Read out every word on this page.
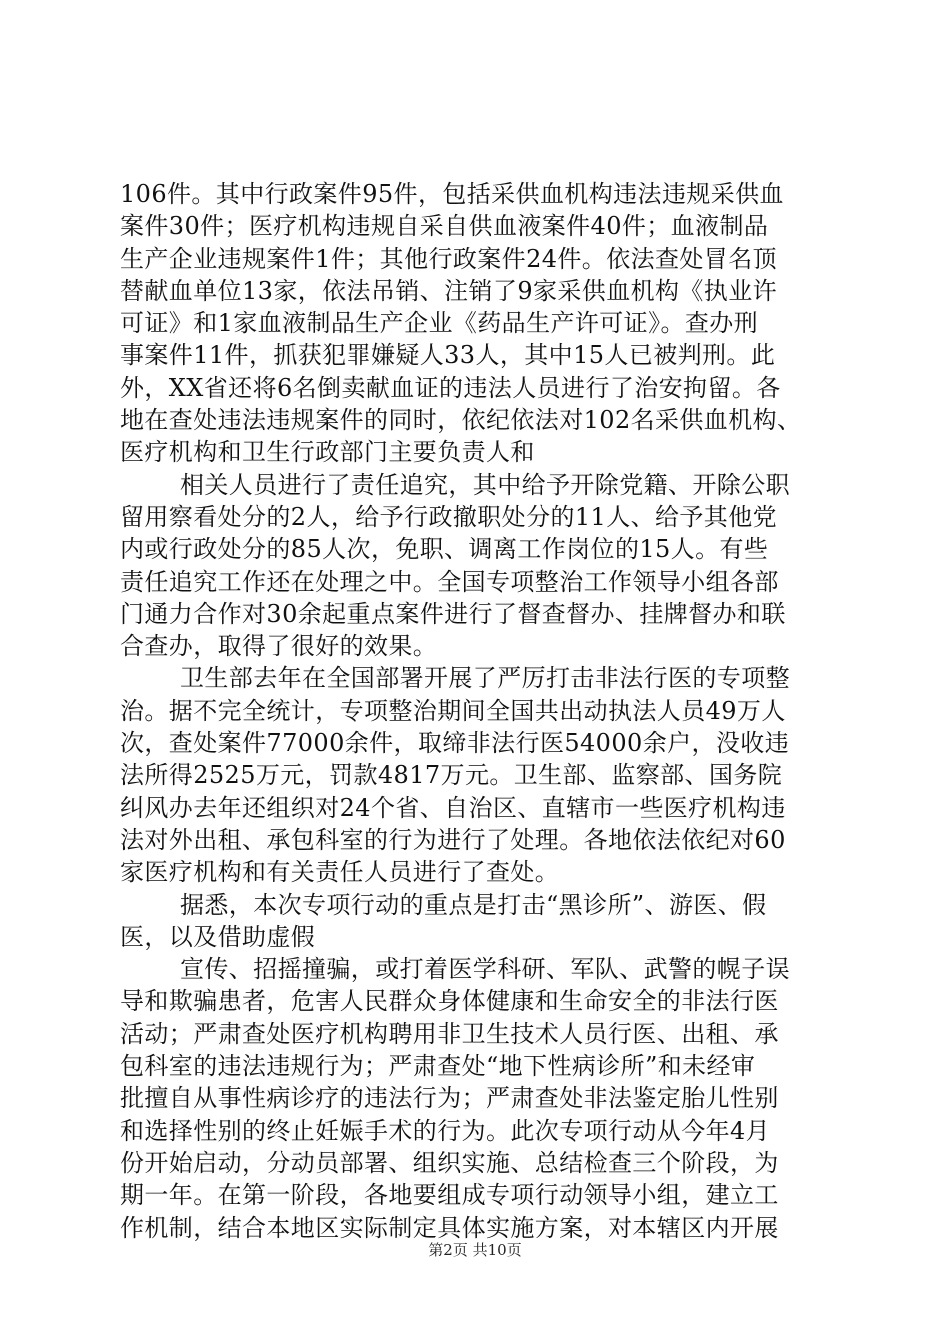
106件。其中行政案件95件，包括采供血机构违法违规采供血
案件30件；医疗机构违规自采自供血液案件40件；血液制品
生产企业违规案件1件；其他行政案件24件。依法查处冒名顶
替献血单位13家，依法吊销、注销了9家采供血机构《执业许
可证》和1家血液制品生产企业《药品生产许可证》。查办刑
事案件11件，抓获犯罪嫌疑人33人，其中15人已被判刑。此
外，XX省还将6名倒卖献血证的违法人员进行了治安拘留。各
地在查处违法违规案件的同时，依纪依法对102名采供血机构、
医疗机构和卫生行政部门主要负责人和
相关人员进行了责任追究，其中给予开除党籍、开除公职
留用察看处分的2人，给予行政撤职处分的11人、给予其他党
内或行政处分的85人次，免职、调离工作岗位的15人。有些
责任追究工作还在处理之中。全国专项整治工作领导小组各部
门通力合作对30余起重点案件进行了督查督办、挂牌督办和联
合查办，取得了很好的效果。
卫生部去年在全国部署开展了严厉打击非法行医的专项整
治。据不完全统计，专项整治期间全国共出动执法人员49万人
次，查处案件77000余件，取缔非法行医54000余户，没收违
法所得2525万元，罚款4817万元。卫生部、监察部、国务院
纠风办去年还组织对24个省、自治区、直辖市一些医疗机构违
法对外出租、承包科室的行为进行了处理。各地依法依纪对60
家医疗机构和有关责任人员进行了查处。
据悉，本次专项行动的重点是打击“黑诊所”、游医、假
医，以及借助虚假
宣传、招摇撞骗，或打着医学科研、军队、武警的幌子误
导和欺骗患者，危害人民群众身体健康和生命安全的非法行医
活动；严肃查处医疗机构聘用非卫生技术人员行医、出租、承
包科室的违法违规行为；严肃查处“地下性病诊所”和未经审
批擅自从事性病诊疗的违法行为；严肃查处非法鉴定胎儿性别
和选择性别的终止妊娠手术的行为。此次专项行动从今年4月
份开始启动，分动员部署、组织实施、总结检查三个阶段，为
期一年。在第一阶段，各地要组成专项行动领导小组，建立工
作机制，结合本地区实际制定具体实施方案，对本辖区内开展
第2页 共10页
